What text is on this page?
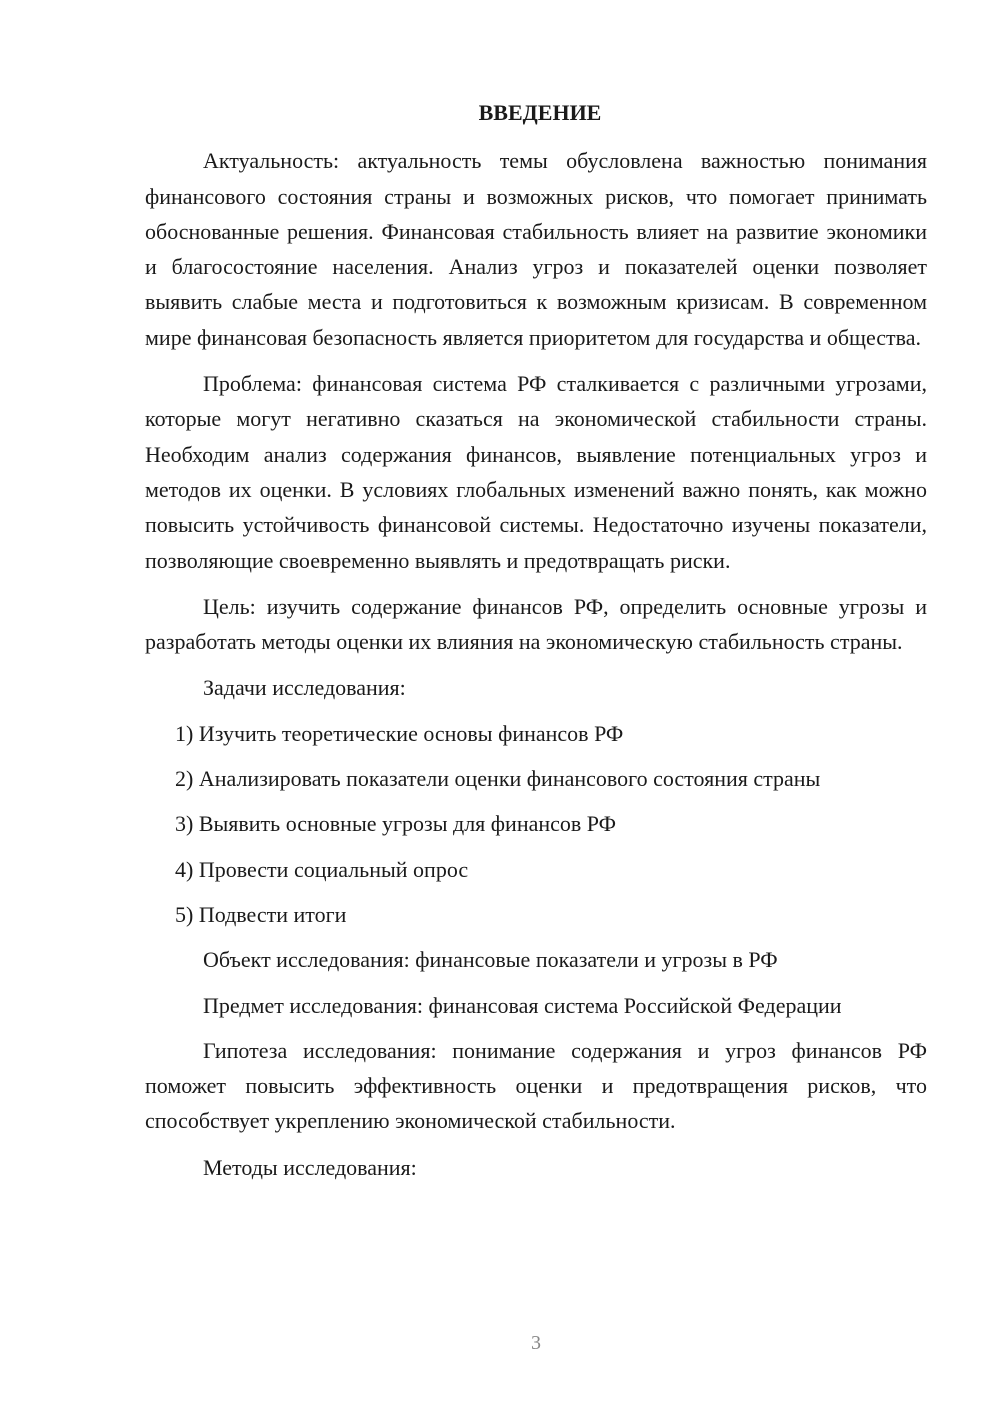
ВВЕДЕНИЕ

Актуальность: актуальность темы обусловлена важностью понимания финансового состояния страны и возможных рисков, что помогает принимать обоснованные решения. Финансовая стабильность влияет на развитие экономики и благосостояние населения. Анализ угроз и показателей оценки позволяет выявить слабые места и подготовиться к возможным кризисам. В современном мире финансовая безопасность является приоритетом для государства и общества.

Проблема: финансовая система РФ сталкивается с различными угрозами, которые могут негативно сказаться на экономической стабильности страны. Необходим анализ содержания финансов, выявление потенциальных угроз и методов их оценки. В условиях глобальных изменений важно понять, как можно повысить устойчивость финансовой системы. Недостаточно изучены показатели, позволяющие своевременно выявлять и предотвращать риски.

Цель: изучить содержание финансов РФ, определить основные угрозы и разработать методы оценки их влияния на экономическую стабильность страны.

Задачи исследования:
1) Изучить теоретические основы финансов РФ
2) Анализировать показатели оценки финансового состояния страны
3) Выявить основные угрозы для финансов РФ
4) Провести социальный опрос
5) Подвести итоги
Объект исследования: финансовые показатели и угрозы в РФ
Предмет исследования: финансовая система Российской Федерации

Гипотеза исследования: понимание содержания и угроз финансов РФ поможет повысить эффективность оценки и предотвращения рисков, что способствует укреплению экономической стабильности.

Методы исследования:
3
